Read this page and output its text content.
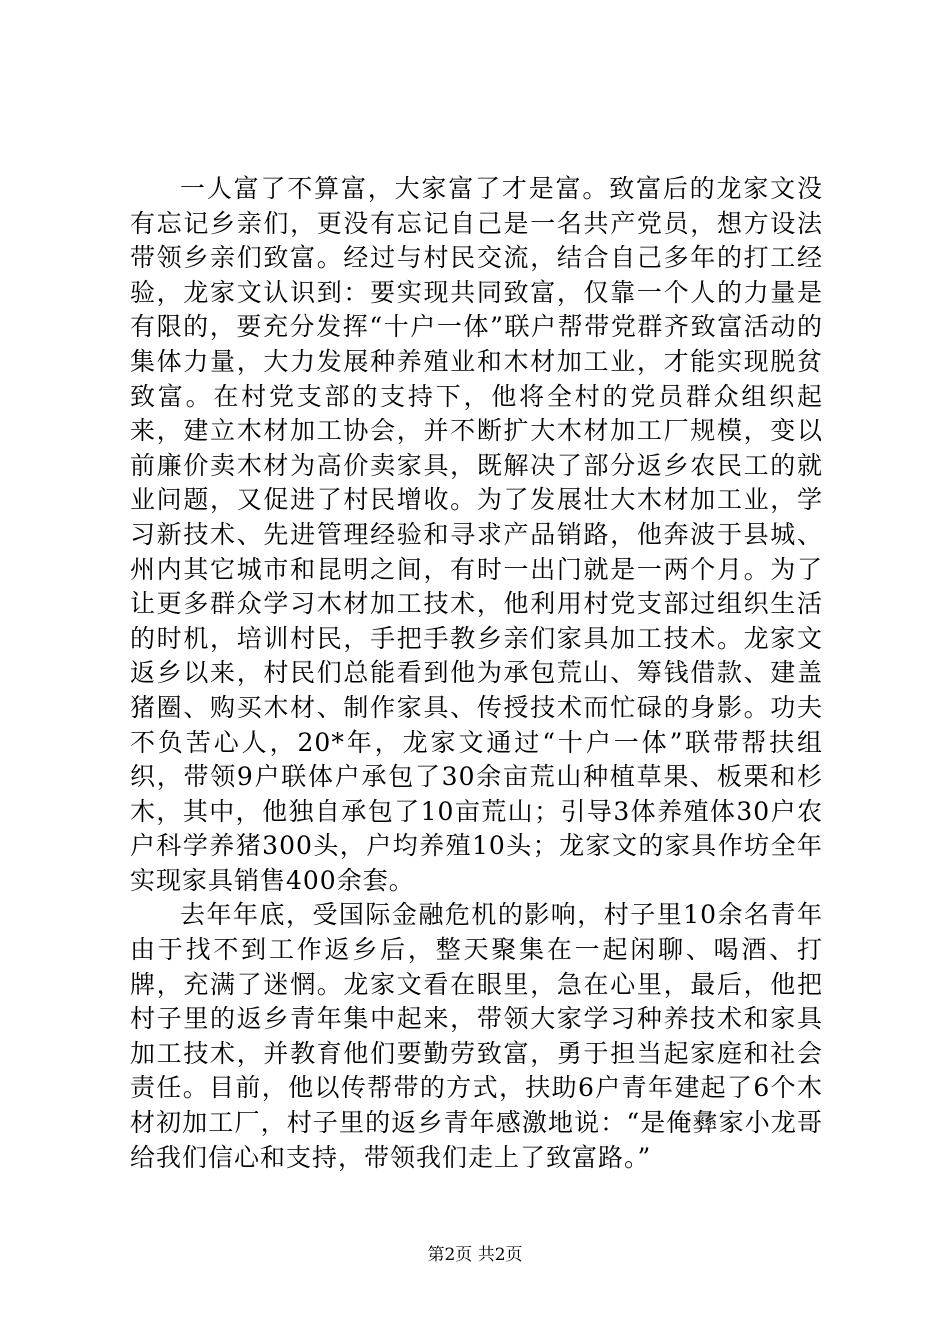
一人富了不算富，大家富了才是富。致富后的龙家文没有忘记乡亲们，更没有忘记自己是一名共产党员，想方设法带领乡亲们致富。经过与村民交流，结合自己多年的打工经验，龙家文认识到：要实现共同致富，仅靠一个人的力量是有限的，要充分发挥“十户一体”联户帮带党群齐致富活动的集体力量，大力发展种养殖业和木材加工业，才能实现脱贫致富。在村党支部的支持下，他将全村的党员群众组织起来，建立木材加工协会，并不断扩大木材加工厂规模，变以前廉价卖木材为高价卖家具，既解决了部分返乡农民工的就业问题，又促进了村民增收。为了发展壮大木材加工业，学习新技术、先进管理经验和寻求产品销路，他奔波于县城、州内其它城市和昆明之间，有时一出门就是一两个月。为了让更多群众学习木材加工技术，他利用村党支部过组织生活的时机，培训村民，手把手教乡亲们家具加工技术。龙家文返乡以来，村民们总能看到他为承包荒山、筹钱借款、建盖猪圈、购买木材、制作家具、传授技术而忙碌的身影。功夫不负苦心人，20*年，龙家文通过“十户一体”联带帮扶组织，带领9户联体户承包了30余亩荒山种植草果、板栗和杉木，其中，他独自承包了10亩荒山；引导3体养殖体30户农户科学养猪300头，户均养殖10头；龙家文的家具作坊全年实现家具销售400余套。

去年年底，受国际金融危机的影响，村子里10余名青年由于找不到工作返乡后，整天聚集在一起闲聊、喝酒、打牌，充满了迷惘。龙家文看在眼里，急在心里，最后，他把村子里的返乡青年集中起来，带领大家学习种养技术和家具加工技术，并教育他们要勤劳致富，勇于担当起家庭和社会责任。目前，他以传帮带的方式，扶助6户青年建起了6个木材初加工厂，村子里的返乡青年感激地说：“是俺彝家小龙哥给我们信心和支持，带领我们走上了致富路。”

第2页 共2页
